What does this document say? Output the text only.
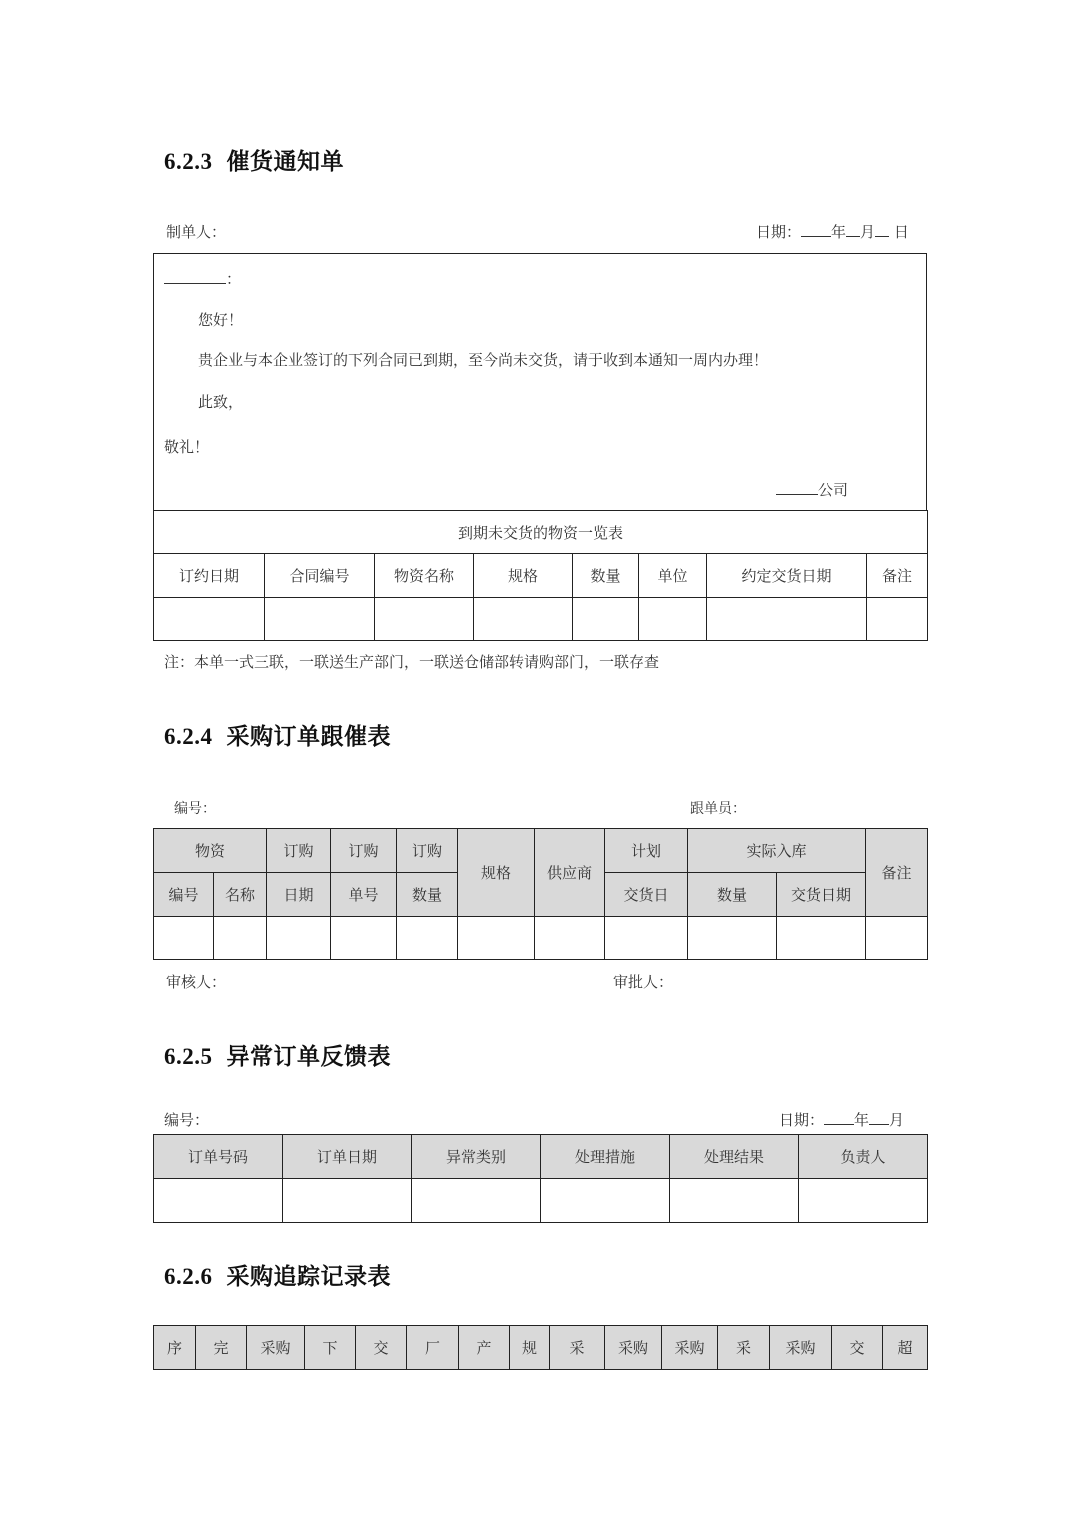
6.2.3 催货通知单
制单人：	日期： 年 月 日
：
您好！
贵企业与本企业签订的下列合同已到期，至今尚未交货，请于收到本通知一周内办理！
此致，
敬礼！
公司
到期未交货的物资一览表							
订约日期	合同编号	物资名称	规格	数量	单位	约定交货日期	备注

注：本单一式三联，一联送生产部门，一联送仓储部转请购部门，一联存查
6.2.4 采购订单跟催表
编号：	跟单员：
物资		订购	订购	订购	规格	供应商	计划	实际入库		备注
编号	名称	日期	单号	数量			交货日	数量	交货日期	

审核人：	审批人：
6.2.5 异常订单反馈表
编号：	日期： 年 月
订单号码	订单日期	异常类别	处理措施	处理结果	负责人

6.2.6 采购追踪记录表
序	完	采购	下	交	厂	产	规	采	采购	采购	采	采购	交	超
